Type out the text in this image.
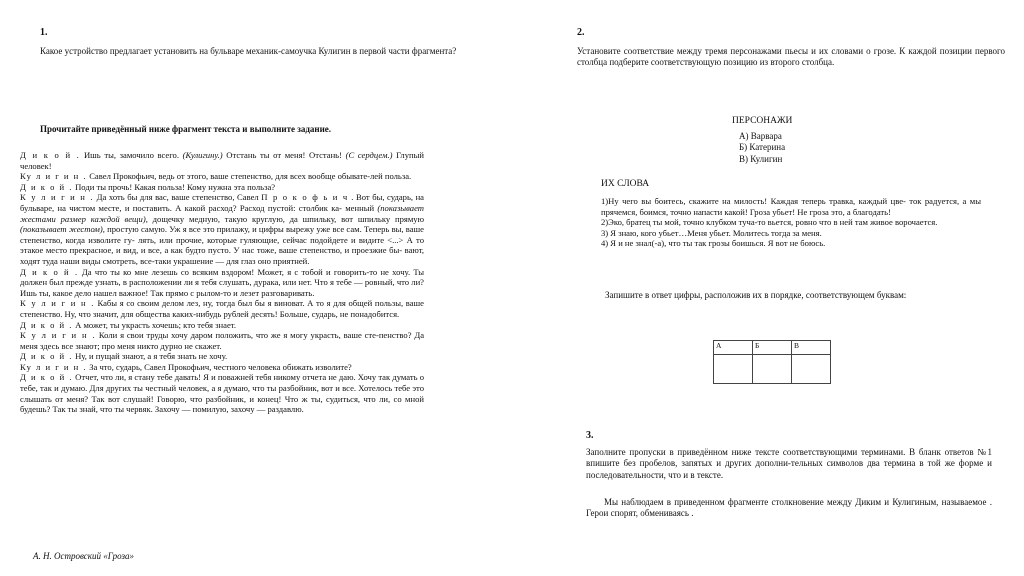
1.
Какое устройство предлагает установить на бульваре механик-самоучка Кулигин в первой части фрагмента?
Прочитайте приведённый ниже фрагмент текста и выполните задание.

Д и к о й . Ишь ты, замочило всего. (Кулигину.) Отстань ты от меня! Отстань! (С сердцем.) Глупый человек!

Ку л и г и н . Савел Прокофьич, ведь от этого, ваше степенство, для всех вообще обывате-лей польза.

Д и к о й . Поди ты прочь! Какая польза! Кому нужна эта польза?

К у л и г и н . Да хоть бы для вас, ваше степенство, Савел П р о к о ф ь и ч . Вот бы, сударь, на бульваре, на чистом месте, и поставить. А какой расход? Расход пустой: столбик ка- менный (показывает жестами размер каждой вещи), дощечку медную, такую круглую, да шпильку, вот шпильку прямую (показывает жестом), простую самую. Уж я все это прилажу, и цифры вырежу уже все сам. Теперь вы, ваше степенство, когда изволите гу- лять, или прочие, которые гуляющие, сейчас подойдете и видите <...> А то этакое место прекрасное, и вид, и все, а как будто пусто. У нас тоже, ваше степенство, и проезжие бы- вают, ходят туда наши виды смотреть, все-таки украшение — для глаз оно приятней.

Д и к о й . Да что ты ко мне лезешь со всяким вздором! Может, я с тобой и говорить-то не хочу. Ты должен был прежде узнать, в расположении ли я тебя слушать, дурака, или нет. Что я тебе — ровный, что ли? Ишь ты, какое дело нашел важное! Так прямо с рылом-то и лезет разговаривать.

К у л и г и н . Кабы я со своим делом лез, ну, тогда был бы я виноват. А то я для общей пользы, ваше степенство. Ну, что значит, для общества каких-нибудь рублей десять! Больше, сударь, не понадобится.

Д и к о й . А может, ты украсть хочешь; кто тебя знает.

К у л и г и н . Коли я свои труды хочу даром положить, что же я могу украсть, ваше сте-пенство? Да меня здесь все знают; про меня никто дурно не скажет.

Д и к о й . Ну, и пущай знают, а я тебя знать не хочу.

Ку л и г и н . За что, сударь, Савел Прокофьич, честного человека обижать изволите?

Д и к о й . Отчет, что ли, я стану тебе давать! Я и поважней тебя никому отчета не даю. Хочу так думать о тебе, так и думаю. Для других ты честный человек, а я думаю, что ты разбойник, вот и все. Хотелось тебе это слышать от меня? Так вот слушай! Говорю, что разбойник, и конец! Что ж ты, судиться, что ли, со мной будешь? Так ты знай, что ты червяк. Захочу — помилую, захочу — раздавлю.

А. Н. Островский «Гроза»
2.
Установите соответствие между тремя персонажами пьесы и их словами о грозе. К каждой позиции первого столбца подберите соответствующую позицию из второго столбца.
ПЕРСОНАЖИ
А) Варвара
Б) Катерина
В) Кулигин
ИХ СЛОВА
1)Ну чего вы боитесь, скажите на милость! Каждая теперь травка, каждый цве- ток радуется, а мы прячемся, боимся, точно напасти какой! Гроза убьет! Не гроза это, а благодать!
2)Эко, братец ты мой, точно клубком туча-то вьется, ровно что в ней там живое ворочается.
3) Я знаю, кого убьет…Меня убьет. Молитесь тогда за меня.
4) Я и не знал(-а), что ты так грозы боишься. Я вот не боюсь.
Запишите в ответ цифры, расположив их в порядке, соответствующем буквам:
А	Б	В

3.
Заполните пропуски в приведённом ниже тексте соответствующими терминами. В бланк ответов №1 впишите без пробелов, запятых и других дополни-тельных символов два термина в той же форме и последовательности, что и в тексте.
Мы наблюдаем в приведенном фрагменте столкновение между Диким и Кулигиным, называемое . Герои спорят, обмениваясь .
